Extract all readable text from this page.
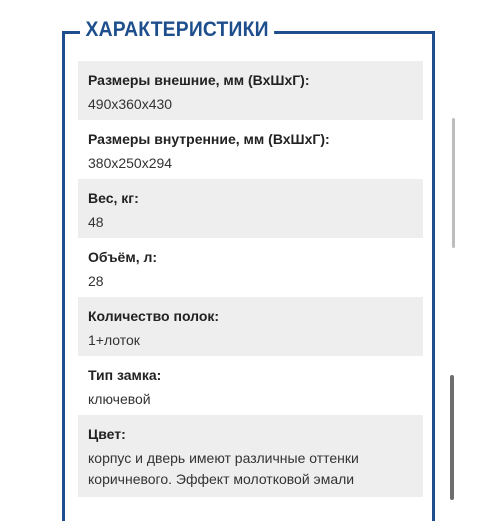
ХАРАКТЕРИСТИКИ
Размеры внешние, мм (ВхШхГ):
490x360x430
Размеры внутренние, мм (ВхШхГ):
380x250x294
Вес, кг:
48
Объём, л:
28
Количество полок:
1+лоток
Тип замка:
ключевой
Цвет:
корпус и дверь имеют различные оттенки коричневого. Эффект молотковой эмали
